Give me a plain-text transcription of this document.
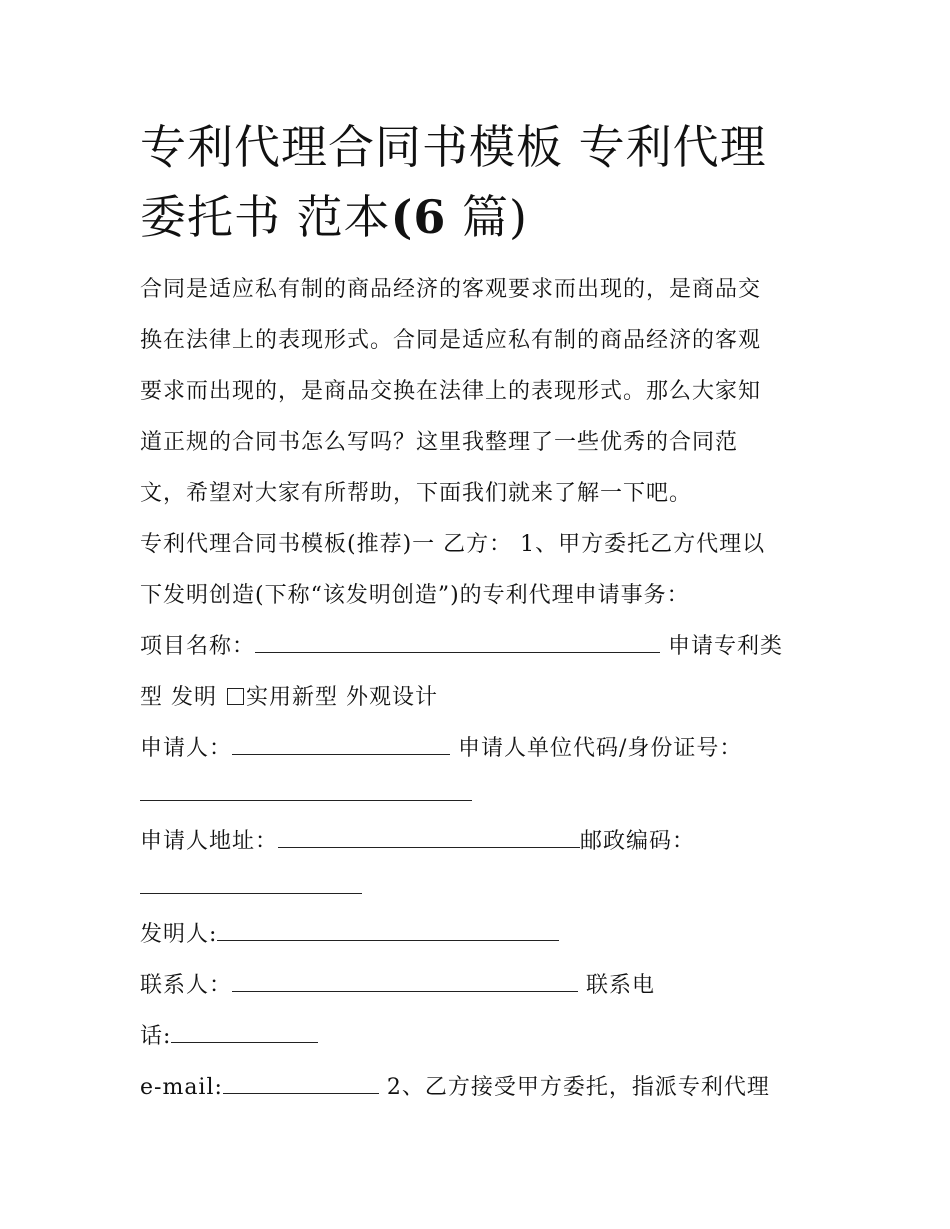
专利代理合同书模板 专利代理
委托书 范本(6 篇)
合同是适应私有制的商品经济的客观要求而出现的，是商品交
换在法律上的表现形式。合同是适应私有制的商品经济的客观
要求而出现的，是商品交换在法律上的表现形式。那么大家知
道正规的合同书怎么写吗？这里我整理了一些优秀的合同范
文，希望对大家有所帮助，下面我们就来了解一下吧。
专利代理合同书模板(推荐)一 乙方： 1、甲方委托乙方代理以
下发明创造(下称“该发明创造”)的专利代理申请事务：
项目名称：	申请专利类
型 发明 实用新型 外观设计
申请人：	申请人单位代码/身份证号：
申请人地址：	邮政编码：
发明人:
联系人：	联系电
话:
e-mail:	2、乙方接受甲方委托，指派专利代理
